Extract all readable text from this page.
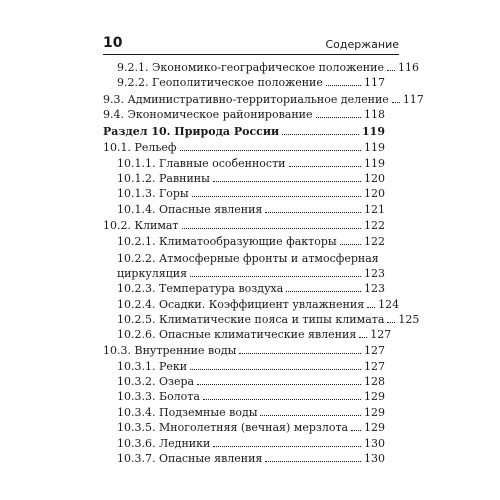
10	Содержание
9.2.1. Экономико-географическое положение 116
9.2.2. Геополитическое положение	117
9.3. Административно-территориальное деление 117
9.4. Экономическое районирование	118
Раздел 10. Природа России	119
10.1. Рельеф	119
10.1.1. Главные особенности	119
10.1.2. Равнины	120
10.1.3. Горы	120
10.1.4. Опасные явления	121
10.2. Климат	122
10.2.1. Климатообразующие факторы 122
10.2.2. Атмосферные фронты и атмосферная
циркуляция	123
10.2.3. Температура воздуха	123
10.2.4. Осадки. Коэффициент увлажнения 124
10.2.5. Климатические пояса и типы климата 125
10.2.6. Опасные климатические явления 127
10.3. Внутренние воды	127
10.3.1. Реки	127
10.3.2. Озера	128
10.3.3. Болота	129
10.3.4. Подземные воды	129
10.3.5. Многолетняя (вечная) мерзлота 129
10.3.6. Ледники	130
10.3.7. Опасные явления	130
